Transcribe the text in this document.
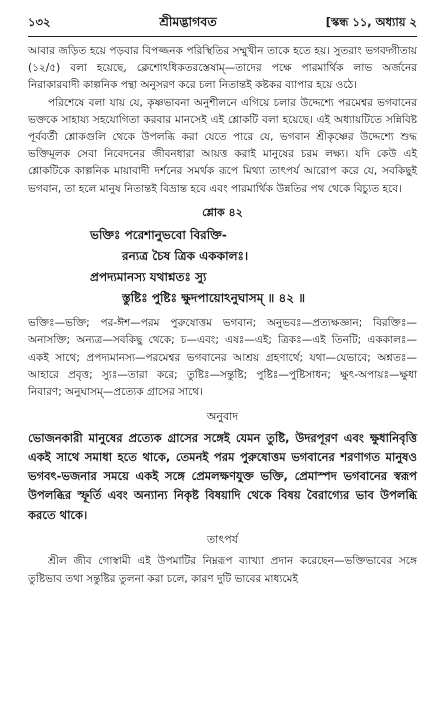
১৩২	শ্রীমদ্ভাগবত	[স্কন্ধ ১১, অধ্যায় ২

আবার জড়িত হয়ে পড়বার বিপজ্জনক পরিস্থিতির সম্মুখীন তাকে হতে হয়। সুতরাং ভগবদ্গীতায় (১২/৫) বলা হয়েছে, ক্লেশোঽধিকতরস্তেষাম্—তাদের পক্ষে পারমার্থিক লাভ অর্জনের নিরাকারবাদী কাল্পনিক পন্থা অনুসরণ করে চলা নিতান্তই কষ্টকর ব্যাপার হয়ে ওঠে।

পরিশেষে বলা যায় যে, কৃষ্ণভাবনা অনুশীলনে এগিয়ে চলার উদ্দেশ্যে পরমেশ্বর ভগবানের ভক্তকে সাহায্য সহযোগিতা করবার মানসেই এই শ্লোকটি বলা হয়েছে। এই অধ্যায়টিতে সন্নিবিষ্ট পূর্ববর্তী শ্লোকগুলি থেকে উপলব্ধি করা যেতে পারে যে, ভগবান শ্রীকৃষ্ণের উদ্দেশ্যে শুদ্ধ ভক্তিমূলক সেবা নিবেদনের জীবনধারা আয়ত্ত করাই মানুষের চরম লক্ষ্য। যদি কেউ এই শ্লোকটিকে কাল্পনিক মায়াবাদী দর্শনের সমর্থক রূপে মিথ্যা তাৎপর্য আরোপ করে যে, সবকিছুই ভগবান, তা হলে মানুষ নিতান্তই বিভ্রান্ত হবে এবং পারমার্থিক উন্নতির পথ থেকে বিচ্যুত হবে।

শ্লোক ৪২
ভক্তিঃ পরেশানুভবো বিরক্তি-
রন্যত্র চৈষ ত্রিক এককালঃ।
প্রপদ্যমানস্য যথাশ্নতঃ স্যু
স্তুষ্টিঃ পুষ্টিঃ ক্ষুদপায়োঽনুঘাসম্ ॥ ৪২ ॥

ভক্তিঃ—ভক্তি; পর-ঈশ—পরম পুরুষোত্তম ভগবান; অনুভবঃ—প্রত্যক্ষজ্ঞান; বিরক্তিঃ—অনাসক্তি; অন্যত্র—সবকিছু থেকে; চ—এবং; এষঃ—এই; ত্রিকঃ—এই তিনটি; এককালঃ—একই সাথে; প্রপদ্যমানস্য—পরমেশ্বর ভগবানের আশ্রয় গ্রহণার্থে; যথা—যেভাবে; অশ্নতঃ—আহারে প্রবৃত্ত; স্যুঃ—তারা করে; তুষ্টিঃ—সন্তুষ্টি; পুষ্টিঃ—পুষ্টিসাধন; ক্ষুৎ-অপায়ঃ—ক্ষুধা নিবারণ; অনুঘাসম্—প্রত্যেক গ্রাসের সাথে।

অনুবাদ

ভোজনকারী মানুষের প্রত্যেক গ্রাসের সঙ্গেই যেমন তুষ্টি, উদরপূরণ এবং ক্ষুধানিবৃত্তি একই সাথে সমাধা হতে থাকে, তেমনই পরম পুরুষোত্তম ভগবানের শরণাগত মানুষও ভগবৎ-ভজনার সময়ে একই সঙ্গে প্রেমলক্ষণযুক্ত ভক্তি, প্রেমাস্পদ ভগবানের স্বরূপ উপলব্ধির স্ফূর্তি এবং অন্যান্য নিকৃষ্ট বিষয়াদি থেকে বিষয় বৈরাগ্যের ভাব উপলব্ধি করতে থাকে।

তাৎপর্য

শ্রীল জীব গোস্বামী এই উপমাটির নিম্নরূপ ব্যাখ্যা প্রদান করেছেন—ভক্তিভাবের সঙ্গে তুষ্টিভাব তথা সন্তুষ্টির তুলনা করা চলে, কারণ দুটি ভাবের মাধ্যমেই
